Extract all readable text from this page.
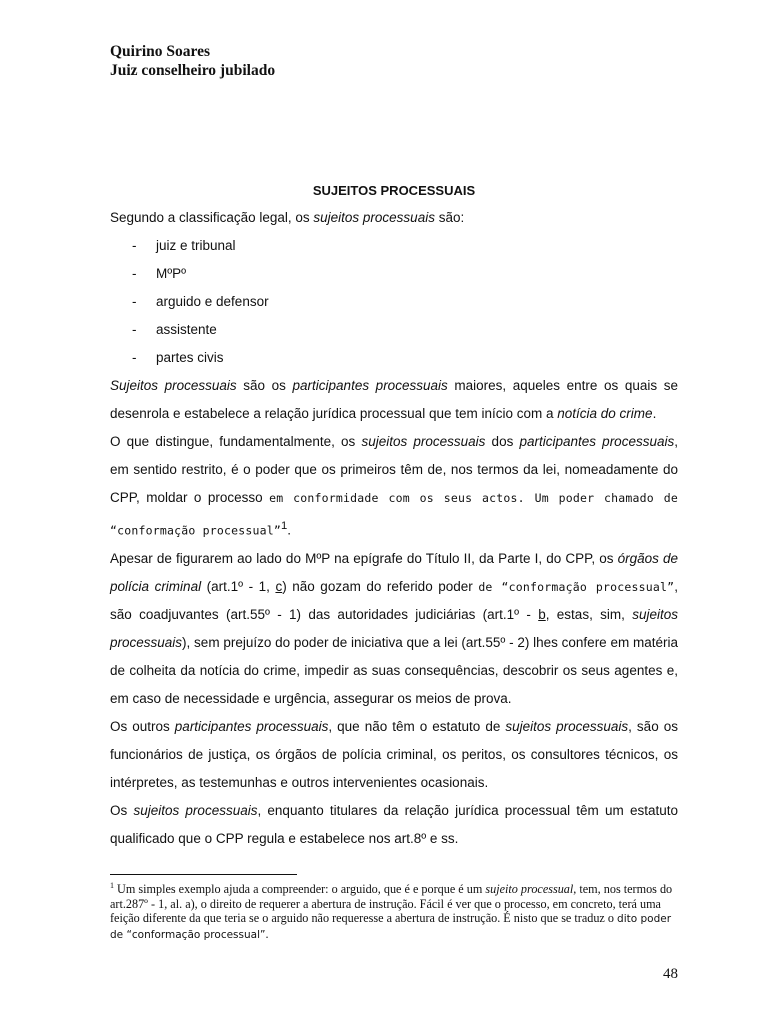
Quirino Soares
Juiz conselheiro jubilado
SUJEITOS PROCESSUAIS

Segundo a classificação legal, os sujeitos processuais são:

- juiz e tribunal
- MºPº
- arguido e defensor
- assistente
- partes civis

Sujeitos processuais são os participantes processuais maiores, aqueles entre os quais se desenrola e estabelece a relação jurídica processual que tem início com a notícia do crime.

O que distingue, fundamentalmente, os sujeitos processuais dos participantes processuais, em sentido restrito, é o poder que os primeiros têm de, nos termos da lei, nomeadamente do CPP, moldar o processo em conformidade com os seus actos. Um poder chamado de “conformação processual”$^1$.

Apesar de figurarem ao lado do MºP na epígrafe do Título II, da Parte I, do CPP, os órgãos de polícia criminal (art.1º - 1, c) não gozam do referido poder de “conformação processual”, são coadjuvantes (art.55º - 1) das autoridades judiciárias (art.1º - b, estas, sim, sujeitos processuais), sem prejuízo do poder de iniciativa que a lei (art.55º - 2) lhes confere em matéria de colheita da notícia do crime, impedir as suas consequências, descobrir os seus agentes e, em caso de necessidade e urgência, assegurar os meios de prova.

Os outros participantes processuais, que não têm o estatuto de sujeitos processuais, são os funcionários de justiça, os órgãos de polícia criminal, os peritos, os consultores técnicos, os intérpretes, as testemunhas e outros intervenientes ocasionais.

Os sujeitos processuais, enquanto titulares da relação jurídica processual têm um estatuto qualificado que o CPP regula e estabelece nos art.8º e ss.

$^1$ Um simples exemplo ajuda a compreender: o arguido, que é e porque é um sujeito processual, tem, nos termos do art.287º - 1, al. a), o direito de requerer a abertura de instrução. Fácil é ver que o processo, em concreto, terá uma feição diferente da que teria se o arguido não requeresse a abertura de instrução. É nisto que se traduz o dito poder de “conformação processual”.
48
